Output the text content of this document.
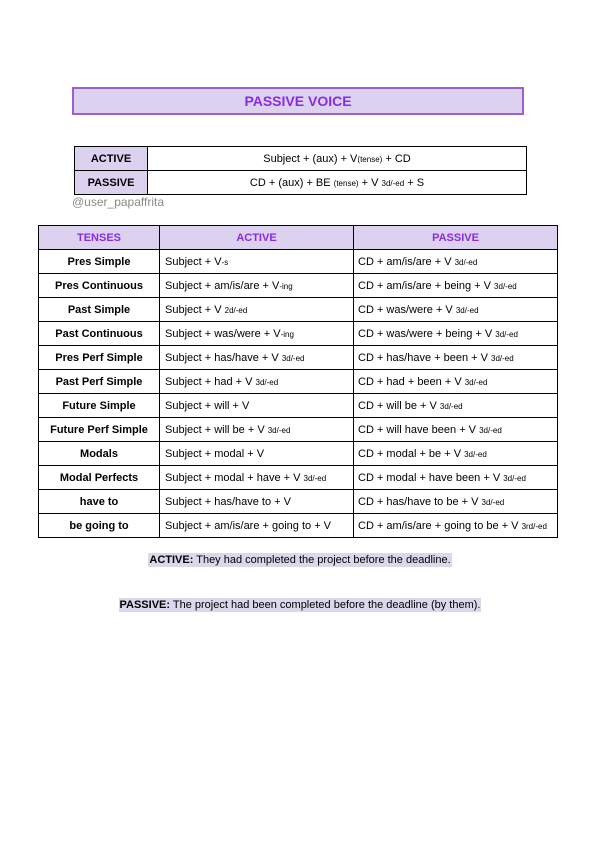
PASSIVE VOICE
ACTIVE	Subject + (aux) + V(tense) + CD
PASSIVE	CD + (aux) + BE (tense) + V 3d/-ed + S
@user_papaffrita
TENSES	ACTIVE	PASSIVE
Pres Simple	Subject + V-s	CD + am/is/are + V 3d/-ed
Pres Continuous	Subject + am/is/are + V-ing	CD + am/is/are + being + V 3d/-ed
Past Simple	Subject + V 2d/-ed	CD + was/were + V 3d/-ed
Past Continuous	Subject + was/were + V-ing	CD + was/were + being + V 3d/-ed
Pres Perf Simple	Subject + has/have + V 3d/-ed	CD + has/have + been + V 3d/-ed
Past Perf Simple	Subject + had + V 3d/-ed	CD + had + been + V 3d/-ed
Future Simple	Subject + will + V	CD + will be + V 3d/-ed
Future Perf Simple	Subject + will be + V 3d/-ed	CD + will have been + V 3d/-ed
Modals	Subject + modal + V	CD + modal + be + V 3d/-ed
Modal Perfects	Subject + modal + have + V 3d/-ed	CD + modal + have been + V 3d/-ed
have to	Subject + has/have to + V	CD + has/have to be + V 3d/-ed
be going to	Subject + am/is/are + going to + V	CD + am/is/are + going to be + V 3rd/-ed
ACTIVE: They had completed the project before the deadline.
PASSIVE: The project had been completed before the deadline (by them).
